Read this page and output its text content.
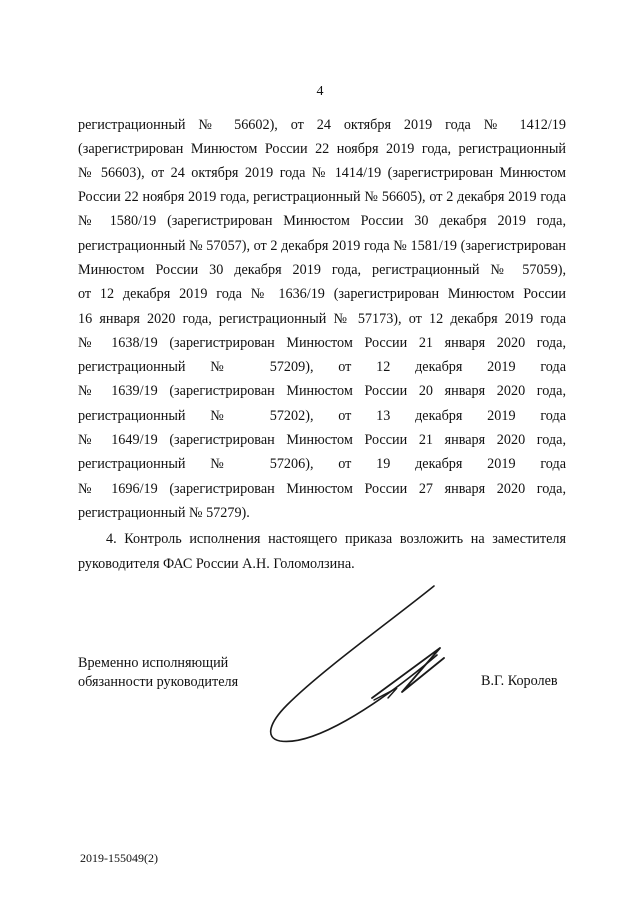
4
регистрационный № 56602), от 24 октября 2019 года № 1412/19
(зарегистрирован Минюстом России 22 ноября 2019 года, регистрационный
№ 56603), от 24 октября 2019 года № 1414/19 (зарегистрирован Минюстом
России 22 ноября 2019 года, регистрационный № 56605), от 2 декабря 2019 года
№ 1580/19 (зарегистрирован Минюстом России 30 декабря 2019 года,
регистрационный № 57057), от 2 декабря 2019 года № 1581/19 (зарегистрирован
Минюстом России 30 декабря 2019 года, регистрационный № 57059),
от 12 декабря 2019 года № 1636/19 (зарегистрирован Минюстом России
16 января 2020 года, регистрационный № 57173), от 12 декабря 2019 года
№ 1638/19 (зарегистрирован Минюстом России 21 января 2020 года,
регистрационный № 57209), от 12 декабря 2019 года
№ 1639/19 (зарегистрирован Минюстом России 20 января 2020 года,
регистрационный № 57202), от 13 декабря 2019 года
№ 1649/19 (зарегистрирован Минюстом России 21 января 2020 года,
регистрационный № 57206), от 19 декабря 2019 года
№ 1696/19 (зарегистрирован Минюстом России 27 января 2020 года,
регистрационный № 57279).
4. Контроль исполнения настоящего приказа возложить на заместителя
руководителя ФАС России А.Н. Голомолзина.
Временно исполняющий
обязанности руководителя	В.Г. Королев
2019-155049(2)
